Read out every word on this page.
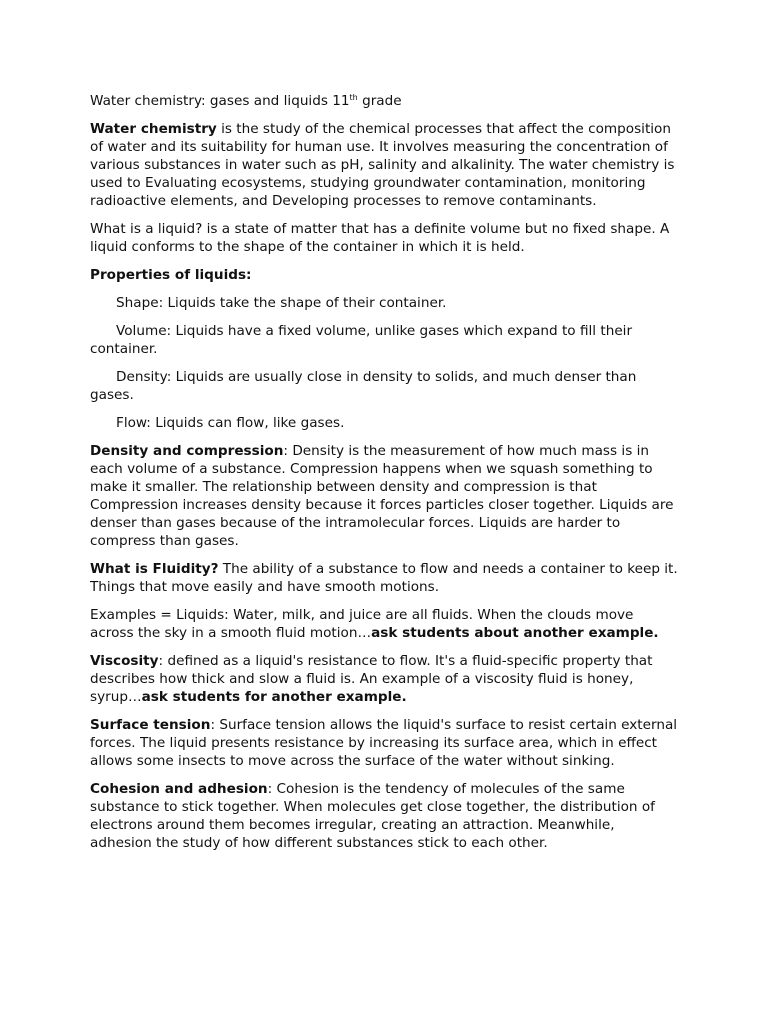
Water chemistry: gases and liquids 11th grade

Water chemistry is the study of the chemical processes that affect the composition of water and its suitability for human use. It involves measuring the concentration of various substances in water such as pH, salinity and alkalinity. The water chemistry is used to Evaluating ecosystems, studying groundwater contamination, monitoring radioactive elements, and Developing processes to remove contaminants.

What is a liquid? is a state of matter that has a definite volume but no fixed shape. A liquid conforms to the shape of the container in which it is held.

Properties of liquids:

Shape: Liquids take the shape of their container.

Volume: Liquids have a fixed volume, unlike gases which expand to fill their container.

Density: Liquids are usually close in density to solids, and much denser than gases.

Flow: Liquids can flow, like gases.

Density and compression: Density is the measurement of how much mass is in each volume of a substance. Compression happens when we squash something to make it smaller. The relationship between density and compression is that Compression increases density because it forces particles closer together. Liquids are denser than gases because of the intramolecular forces. Liquids are harder to compress than gases.

What is Fluidity? The ability of a substance to flow and needs a container to keep it. Things that move easily and have smooth motions.

Examples = Liquids: Water, milk, and juice are all fluids. When the clouds move across the sky in a smooth fluid motion…ask students about another example.

Viscosity: defined as a liquid's resistance to flow. It's a fluid-specific property that describes how thick and slow a fluid is. An example of a viscosity fluid is honey, syrup…ask students for another example.

Surface tension: Surface tension allows the liquid's surface to resist certain external forces. The liquid presents resistance by increasing its surface area, which in effect allows some insects to move across the surface of the water without sinking.

Cohesion and adhesion: Cohesion is the tendency of molecules of the same substance to stick together. When molecules get close together, the distribution of electrons around them becomes irregular, creating an attraction. Meanwhile, adhesion the study of how different substances stick to each other.
